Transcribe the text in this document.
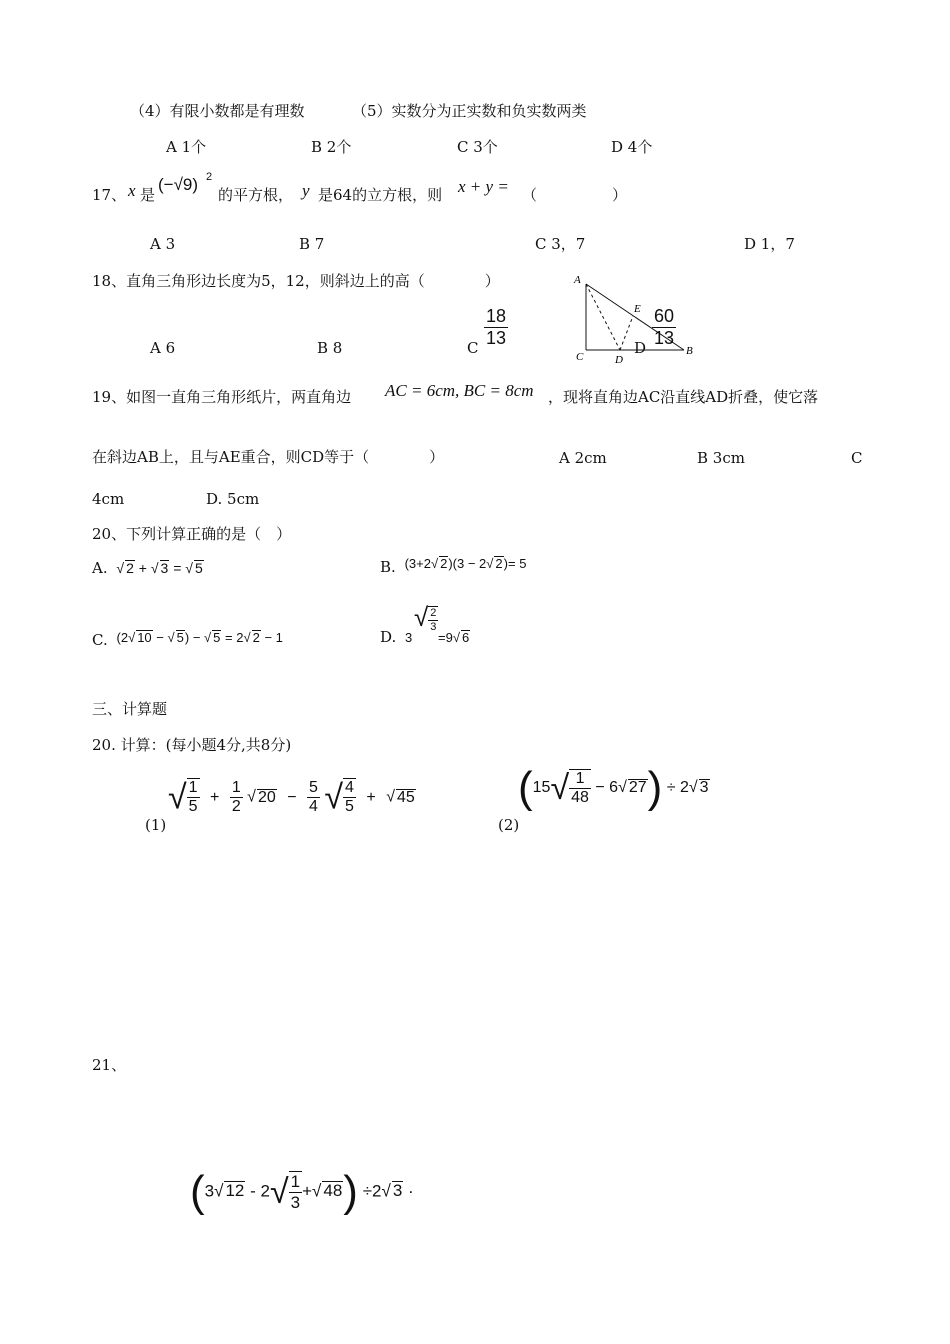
（4）有限小数都是有理数	（5）实数分为正实数和负实数两类
A 1个	B 2个	C 3个	D 4个
17、 x 是
(−√9) 2
的平方根， y 是64的立方根，则 x + y = （　　　　　）
A 3	B 7	C 3，7	D 1，7
18、直角三角形边长度为5，12，则斜边上的高（　　　　）
A 6	B 8	C $\frac{18}{13}$	D $\frac{60}{13}$
A
E
C	D
B
19、如图一直角三角形纸片，两直角边 AC = 6cm, BC = 8cm ，现将直角边AC沿直线AD折叠，使它落
在斜边AB上，且与AE重合，则CD等于（　　　　）	A 2cm	B 3cm	C
4cm	D. 5cm
20、下列计算正确的是（　）
A. √ 2 + √ 3 = √ 5	B. (3+2√ 2)(3 − 2√ 2)= 5
C. (2√ 10 − √ 5) − √ 5 = 2√ 2 − 1	D. 3
√ $\frac{2}{3}$
=9√ 6
三、计算题
20. 计算：(每小题4分,共8分)
(1)
√ $\frac{1}{5} + \frac{1}{2}$ √ $20 - \frac{5}{4}$ √ $\frac{4}{5}$ + √ 45
(2)
($15√ \frac{1}{48} - 6√$ 27) ÷ 2√ 3
21、
(3√ $12 - 2√ \frac{1}{3}$ +√ 48) ÷2√ 3 ·
